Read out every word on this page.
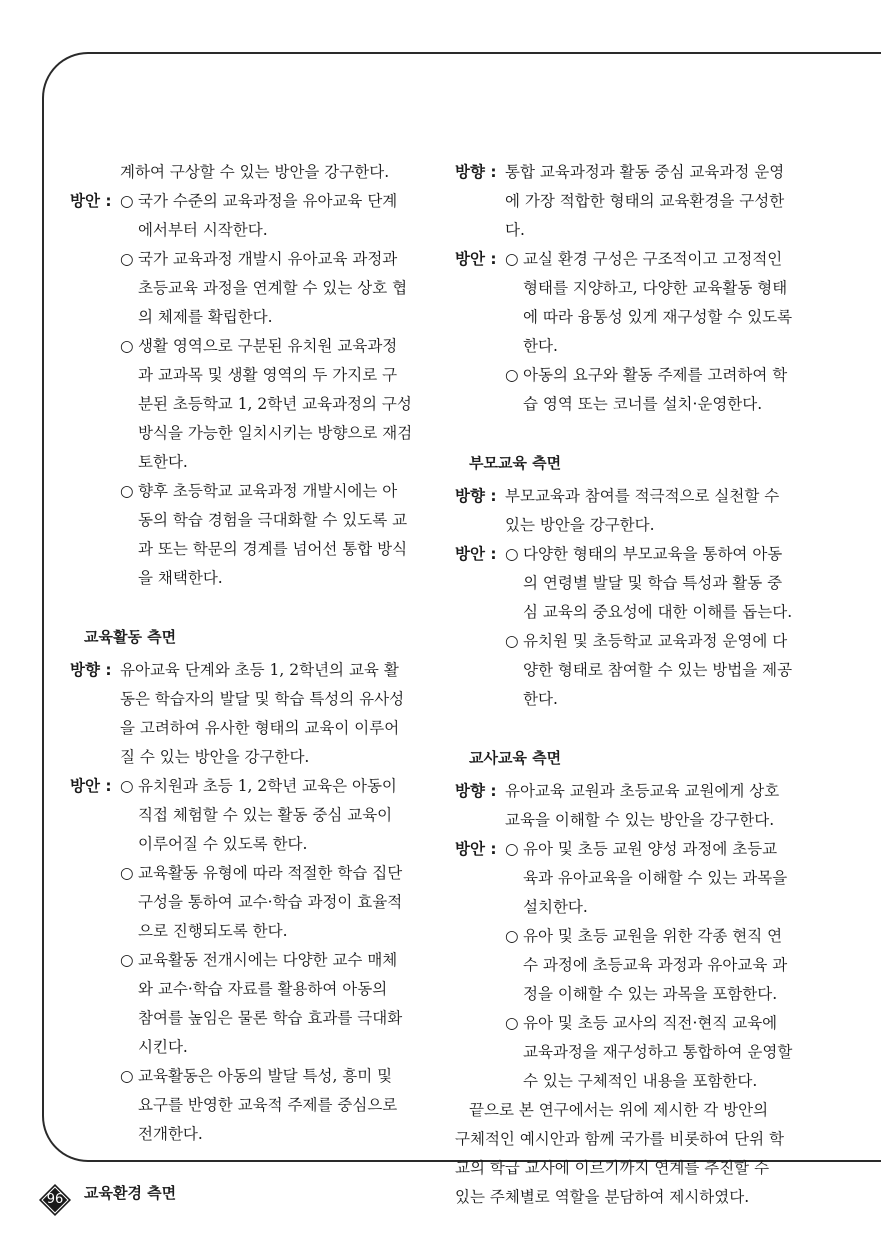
계하여 구상할 수 있는 방안을 강구한다.
방안 : ○ 국가 수준의 교육과정을 유아교육 단계
에서부터 시작한다.
○ 국가 교육과정 개발시 유아교육 과정과
초등교육 과정을 연계할 수 있는 상호 협
의 체제를 확립한다.
○ 생활 영역으로 구분된 유치원 교육과정
과 교과목 및 생활 영역의 두 가지로 구
분된 초등학교 1, 2학년 교육과정의 구성
방식을 가능한 일치시키는 방향으로 재검
토한다.
○ 향후 초등학교 교육과정 개발시에는 아
동의 학습 경험을 극대화할 수 있도록 교
과 또는 학문의 경계를 넘어선 통합 방식
을 채택한다.
교육활동 측면
방향 : 유아교육 단계와 초등 1, 2학년의 교육 활
동은 학습자의 발달 및 학습 특성의 유사성
을 고려하여 유사한 형태의 교육이 이루어
질 수 있는 방안을 강구한다.
방안 : ○ 유치원과 초등 1, 2학년 교육은 아동이
직접 체험할 수 있는 활동 중심 교육이
이루어질 수 있도록 한다.
○ 교육활동 유형에 따라 적절한 학습 집단
구성을 통하여 교수·학습 과정이 효율적
으로 진행되도록 한다.
○ 교육활동 전개시에는 다양한 교수 매체
와 교수·학습 자료를 활용하여 아동의
참여를 높임은 물론 학습 효과를 극대화
시킨다.
○ 교육활동은 아동의 발달 특성, 흥미 및
요구를 반영한 교육적 주제를 중심으로
전개한다.
교육환경 측면
방향 : 통합 교육과정과 활동 중심 교육과정 운영
에 가장 적합한 형태의 교육환경을 구성한
다.
방안 : ○ 교실 환경 구성은 구조적이고 고정적인
형태를 지양하고, 다양한 교육활동 형태
에 따라 융통성 있게 재구성할 수 있도록
한다.
○ 아동의 요구와 활동 주제를 고려하여 학
습 영역 또는 코너를 설치·운영한다.
부모교육 측면
방향 : 부모교육과 참여를 적극적으로 실천할 수
있는 방안을 강구한다.
방안 : ○ 다양한 형태의 부모교육을 통하여 아동
의 연령별 발달 및 학습 특성과 활동 중
심 교육의 중요성에 대한 이해를 돕는다.
○ 유치원 및 초등학교 교육과정 운영에 다
양한 형태로 참여할 수 있는 방법을 제공
한다.
교사교육 측면
방향 : 유아교육 교원과 초등교육 교원에게 상호
교육을 이해할 수 있는 방안을 강구한다.
방안 : ○ 유아 및 초등 교원 양성 과정에 초등교
육과 유아교육을 이해할 수 있는 과목을
설치한다.
○ 유아 및 초등 교원을 위한 각종 현직 연
수 과정에 초등교육 과정과 유아교육 과
정을 이해할 수 있는 과목을 포함한다.
○ 유아 및 초등 교사의 직전·현직 교육에
교육과정을 재구성하고 통합하여 운영할
수 있는 구체적인 내용을 포함한다.
끝으로 본 연구에서는 위에 제시한 각 방안의
구체적인 예시안과 함께 국가를 비롯하여 단위 학
교의 학급 교사에 이르기까지 연계를 추진할 수
있는 주체별로 역할을 분담하여 제시하였다.
96
